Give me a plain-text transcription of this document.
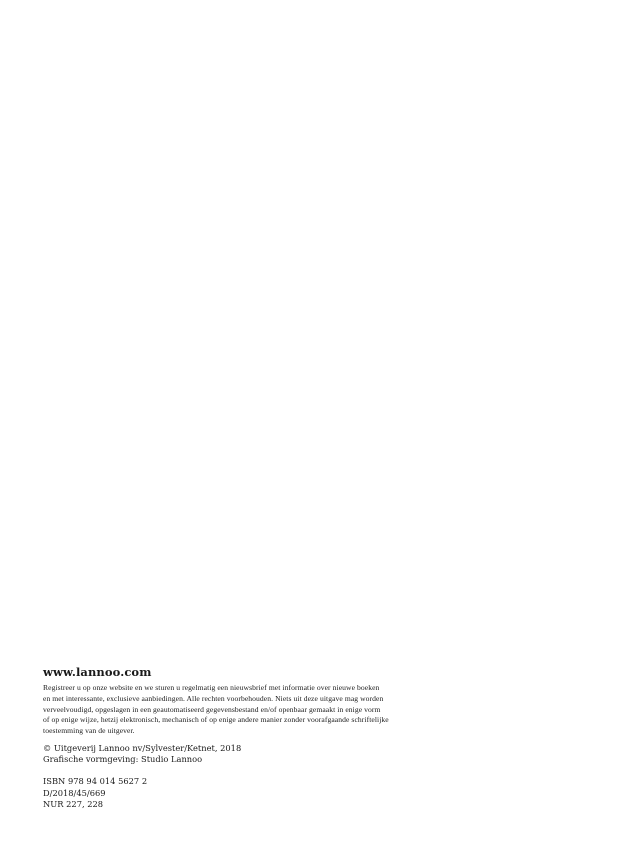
www.lannoo.com
Registreer u op onze website en we sturen u regelmatig een nieuwsbrief met informatie over nieuwe boeken
en met interessante, exclusieve aanbiedingen. Alle rechten voorbehouden. Niets uit deze uitgave mag worden
verveelvoudigd, opgeslagen in een geautomatiseerd gegevensbestand en/of openbaar gemaakt in enige vorm
of op enige wijze, hetzij elektronisch, mechanisch of op enige andere manier zonder voorafgaande schriftelijke
toestemming van de uitgever.
© Uitgeverij Lannoo nv/Sylvester/Ketnet, 2018
Grafische vormgeving: Studio Lannoo
ISBN 978 94 014 5627 2
D/2018/45/669
NUR 227, 228
